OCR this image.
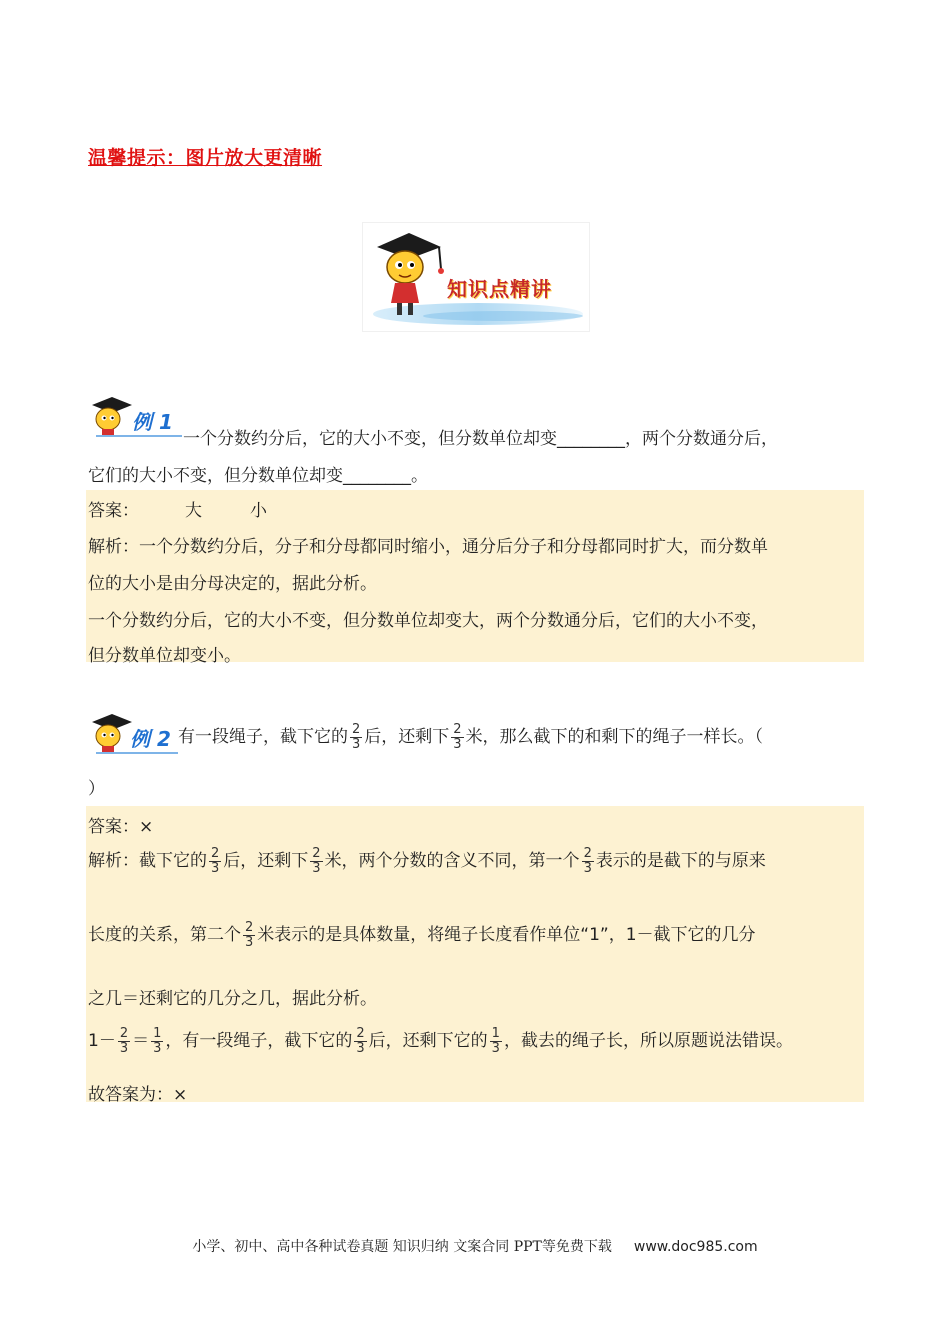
温馨提示：图片放大更清晰
知识点精讲
例 1
一个分数约分后，它的大小不变，但分数单位却变________，两个分数通分后，
它们的大小不变，但分数单位却变________。
答案：	大	小
解析：一个分数约分后，分子和分母都同时缩小，通分后分子和分母都同时扩大，而分数单
位的大小是由分母决定的，据此分析。
一个分数约分后，它的大小不变，但分数单位却变大，两个分数通分后，它们的大小不变，
但分数单位却变小。
例 2 有一段绳子，截下它的 $\frac{2}{3}$ 后，还剩下 $\frac{2}{3}$ 米，那么截下的和剩下的绳子一样长。（
）
答案：×
解析：截下它的 $\frac{2}{3}$ 后，还剩下 $\frac{2}{3}$ 米，两个分数的含义不同，第一个 $\frac{2}{3}$ 表示的是截下的与原来
长度的关系，第二个 $\frac{2}{3}$ 米表示的是具体数量，将绳子长度看作单位“1”，1－截下它的几分
之几＝还剩它的几分之几，据此分析。
$1- \frac{2}{3} = \frac{1}{3}$ ，有一段绳子，截下它的 $\frac{2}{3}$ 后，还剩下它的 $\frac{1}{3}$ ，截去的绳子长，所以原题说法错误。
故答案为：×
小学、初中、高中各种试卷真题 知识归纳 文案合同 PPT等免费下载 www.doc985.com
